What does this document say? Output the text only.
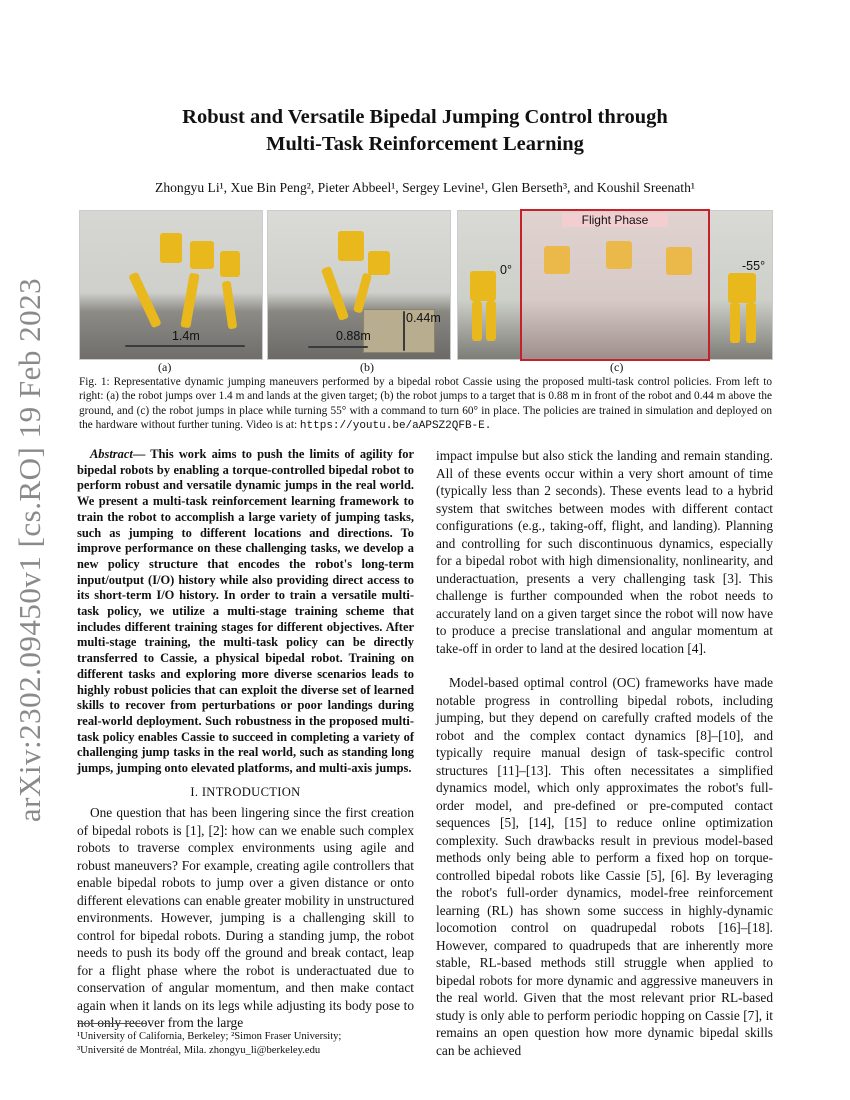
arXiv:2302.09450v1 [cs.RO] 19 Feb 2023
Robust and Versatile Bipedal Jumping Control through
Multi-Task Reinforcement Learning
Zhongyu Li¹, Xue Bin Peng², Pieter Abbeel¹, Sergey Levine¹, Glen Berseth³, and Koushil Sreenath¹
1.4m	0.88m
0.44m
0°	-55°
Flight Phase
(a)	(b)	(c)
Fig. 1: Representative dynamic jumping maneuvers performed by a bipedal robot Cassie using the proposed multi-task control policies. From left to right: (a) the robot jumps over 1.4 m and lands at the given target; (b) the robot jumps to a target that is 0.88 m in front of the robot and 0.44 m above the ground, and (c) the robot jumps in place while turning 55° with a command to turn 60° in place. The policies are trained in simulation and deployed on the hardware without further tuning. Video is at: https://youtu.be/aAPSZ2QFB-E.

Abstract— This work aims to push the limits of agility for bipedal robots by enabling a torque-controlled bipedal robot to perform robust and versatile dynamic jumps in the real world. We present a multi-task reinforcement learning framework to train the robot to accomplish a large variety of jumping tasks, such as jumping to different locations and directions. To improve performance on these challenging tasks, we develop a new policy structure that encodes the robot's long-term input/output (I/O) history while also providing direct access to its short-term I/O history. In order to train a versatile multi-task policy, we utilize a multi-stage training scheme that includes different training stages for different objectives. After multi-stage training, the multi-task policy can be directly transferred to Cassie, a physical bipedal robot. Training on different tasks and exploring more diverse scenarios leads to highly robust policies that can exploit the diverse set of learned skills to recover from perturbations or poor landings during real-world deployment. Such robustness in the proposed multi-task policy enables Cassie to succeed in completing a variety of challenging jump tasks in the real world, such as standing long jumps, jumping onto elevated platforms, and multi-axis jumps.

I. INTRODUCTION

One question that has been lingering since the first creation of bipedal robots is [1], [2]: how can we enable such complex robots to traverse complex environments using agile and robust maneuvers? For example, creating agile controllers that enable bipedal robots to jump over a given distance or onto different elevations can enable greater mobility in unstructured environments. However, jumping is a challenging skill to control for bipedal robots. During a standing jump, the robot needs to push its body off the ground and break contact, leap for a flight phase where the robot is underactuated due to conservation of angular momentum, and then make contact again when it lands on its legs while adjusting its body pose to not only recover from the large

¹University of California, Berkeley; ²Simon Fraser University;
³Université de Montréal, Mila. zhongyu_li@berkeley.edu

impact impulse but also stick the landing and remain standing. All of these events occur within a very short amount of time (typically less than 2 seconds). These events lead to a hybrid system that switches between modes with different contact configurations (e.g., taking-off, flight, and landing). Planning and controlling for such discontinuous dynamics, especially for a bipedal robot with high dimensionality, nonlinearity, and underactuation, presents a very challenging task [3]. This challenge is further compounded when the robot needs to accurately land on a given target since the robot will now have to produce a precise translational and angular momentum at take-off in order to land at the desired location [4].

Model-based optimal control (OC) frameworks have made notable progress in controlling bipedal robots, including jumping, but they depend on carefully crafted models of the robot and the complex contact dynamics [8]–[10], and typically require manual design of task-specific control structures [11]–[13]. This often necessitates a simplified dynamics model, which only approximates the robot's full-order model, and pre-defined or pre-computed contact sequences [5], [14], [15] to reduce online optimization complexity. Such drawbacks result in previous model-based methods only being able to perform a fixed hop on torque-controlled bipedal robots like Cassie [5], [6]. By leveraging the robot's full-order dynamics, model-free reinforcement learning (RL) has shown some success in highly-dynamic locomotion control on quadrupedal robots [16]–[18]. However, compared to quadrupeds that are inherently more stable, RL-based methods still struggle when applied to bipedal robots for more dynamic and aggressive maneuvers in the real world. Given that the most relevant prior RL-based study is only able to perform periodic hopping on Cassie [7], it remains an open question how more dynamic bipedal skills can be achieved
